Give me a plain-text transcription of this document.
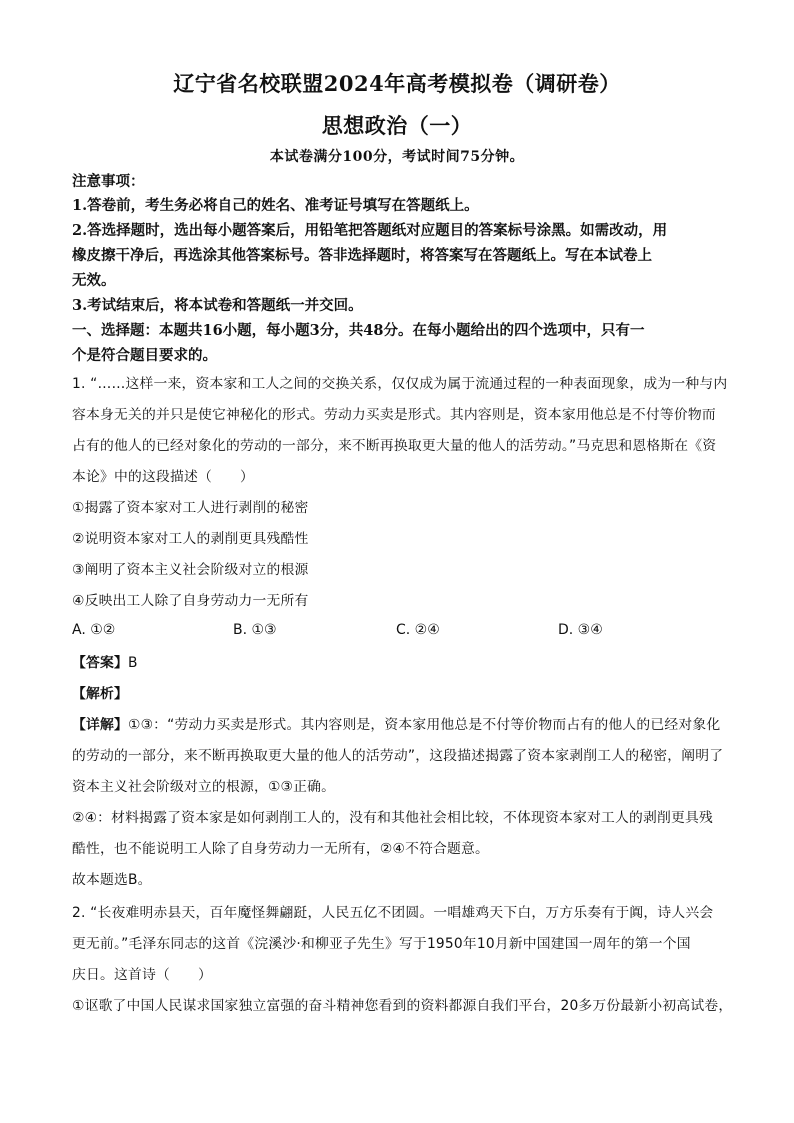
辽宁省名校联盟2024年高考模拟卷（调研卷）
思想政治（一）
本试卷满分100分，考试时间75分钟。
注意事项：
1.答卷前，考生务必将自己的姓名、准考证号填写在答题纸上。
2.答选择题时，选出每小题答案后，用铅笔把答题纸对应题目的答案标号涂黑。如需改动，用
橡皮擦干净后，再选涂其他答案标号。答非选择题时，将答案写在答题纸上。写在本试卷上
无效。
3.考试结束后，将本试卷和答题纸一并交回。
一、选择题：本题共16小题，每小题3分，共48分。在每小题给出的四个选项中，只有一
个是符合题目要求的。
1. “……这样一来，资本家和工人之间的交换关系，仅仅成为属于流通过程的一种表面现象，成为一种与内
容本身无关的并只是使它神秘化的形式。劳动力买卖是形式。其内容则是，资本家用他总是不付等价物而
占有的他人的已经对象化的劳动的一部分，来不断再换取更大量的他人的活劳动。”马克思和恩格斯在《资
本论》中的这段描述（　　）
①揭露了资本家对工人进行剥削的秘密
②说明资本家对工人的剥削更具残酷性
③阐明了资本主义社会阶级对立的根源
④反映出工人除了自身劳动力一无所有
A. ①②	B. ①③	C. ②④	D. ③④
【答案】B
【解析】
【详解】①③：“劳动力买卖是形式。其内容则是，资本家用他总是不付等价物而占有的他人的已经对象化
的劳动的一部分，来不断再换取更大量的他人的活劳动”，这段描述揭露了资本家剥削工人的秘密，阐明了
资本主义社会阶级对立的根源，①③正确。
②④：材料揭露了资本家是如何剥削工人的，没有和其他社会相比较，不体现资本家对工人的剥削更具残
酷性，也不能说明工人除了自身劳动力一无所有，②④不符合题意。
故本题选B。
2. “长夜难明赤县天，百年魔怪舞翩跹，人民五亿不团圆。一唱雄鸡天下白，万方乐奏有于阗，诗人兴会
更无前。”毛泽东同志的这首《浣溪沙·和柳亚子先生》写于1950年10月新中国建国一周年的第一个国
庆日。这首诗（　　）
①讴歌了中国人民谋求国家独立富强的奋斗精神您看到的资料都源自我们平台，20多万份最新小初高试卷，
